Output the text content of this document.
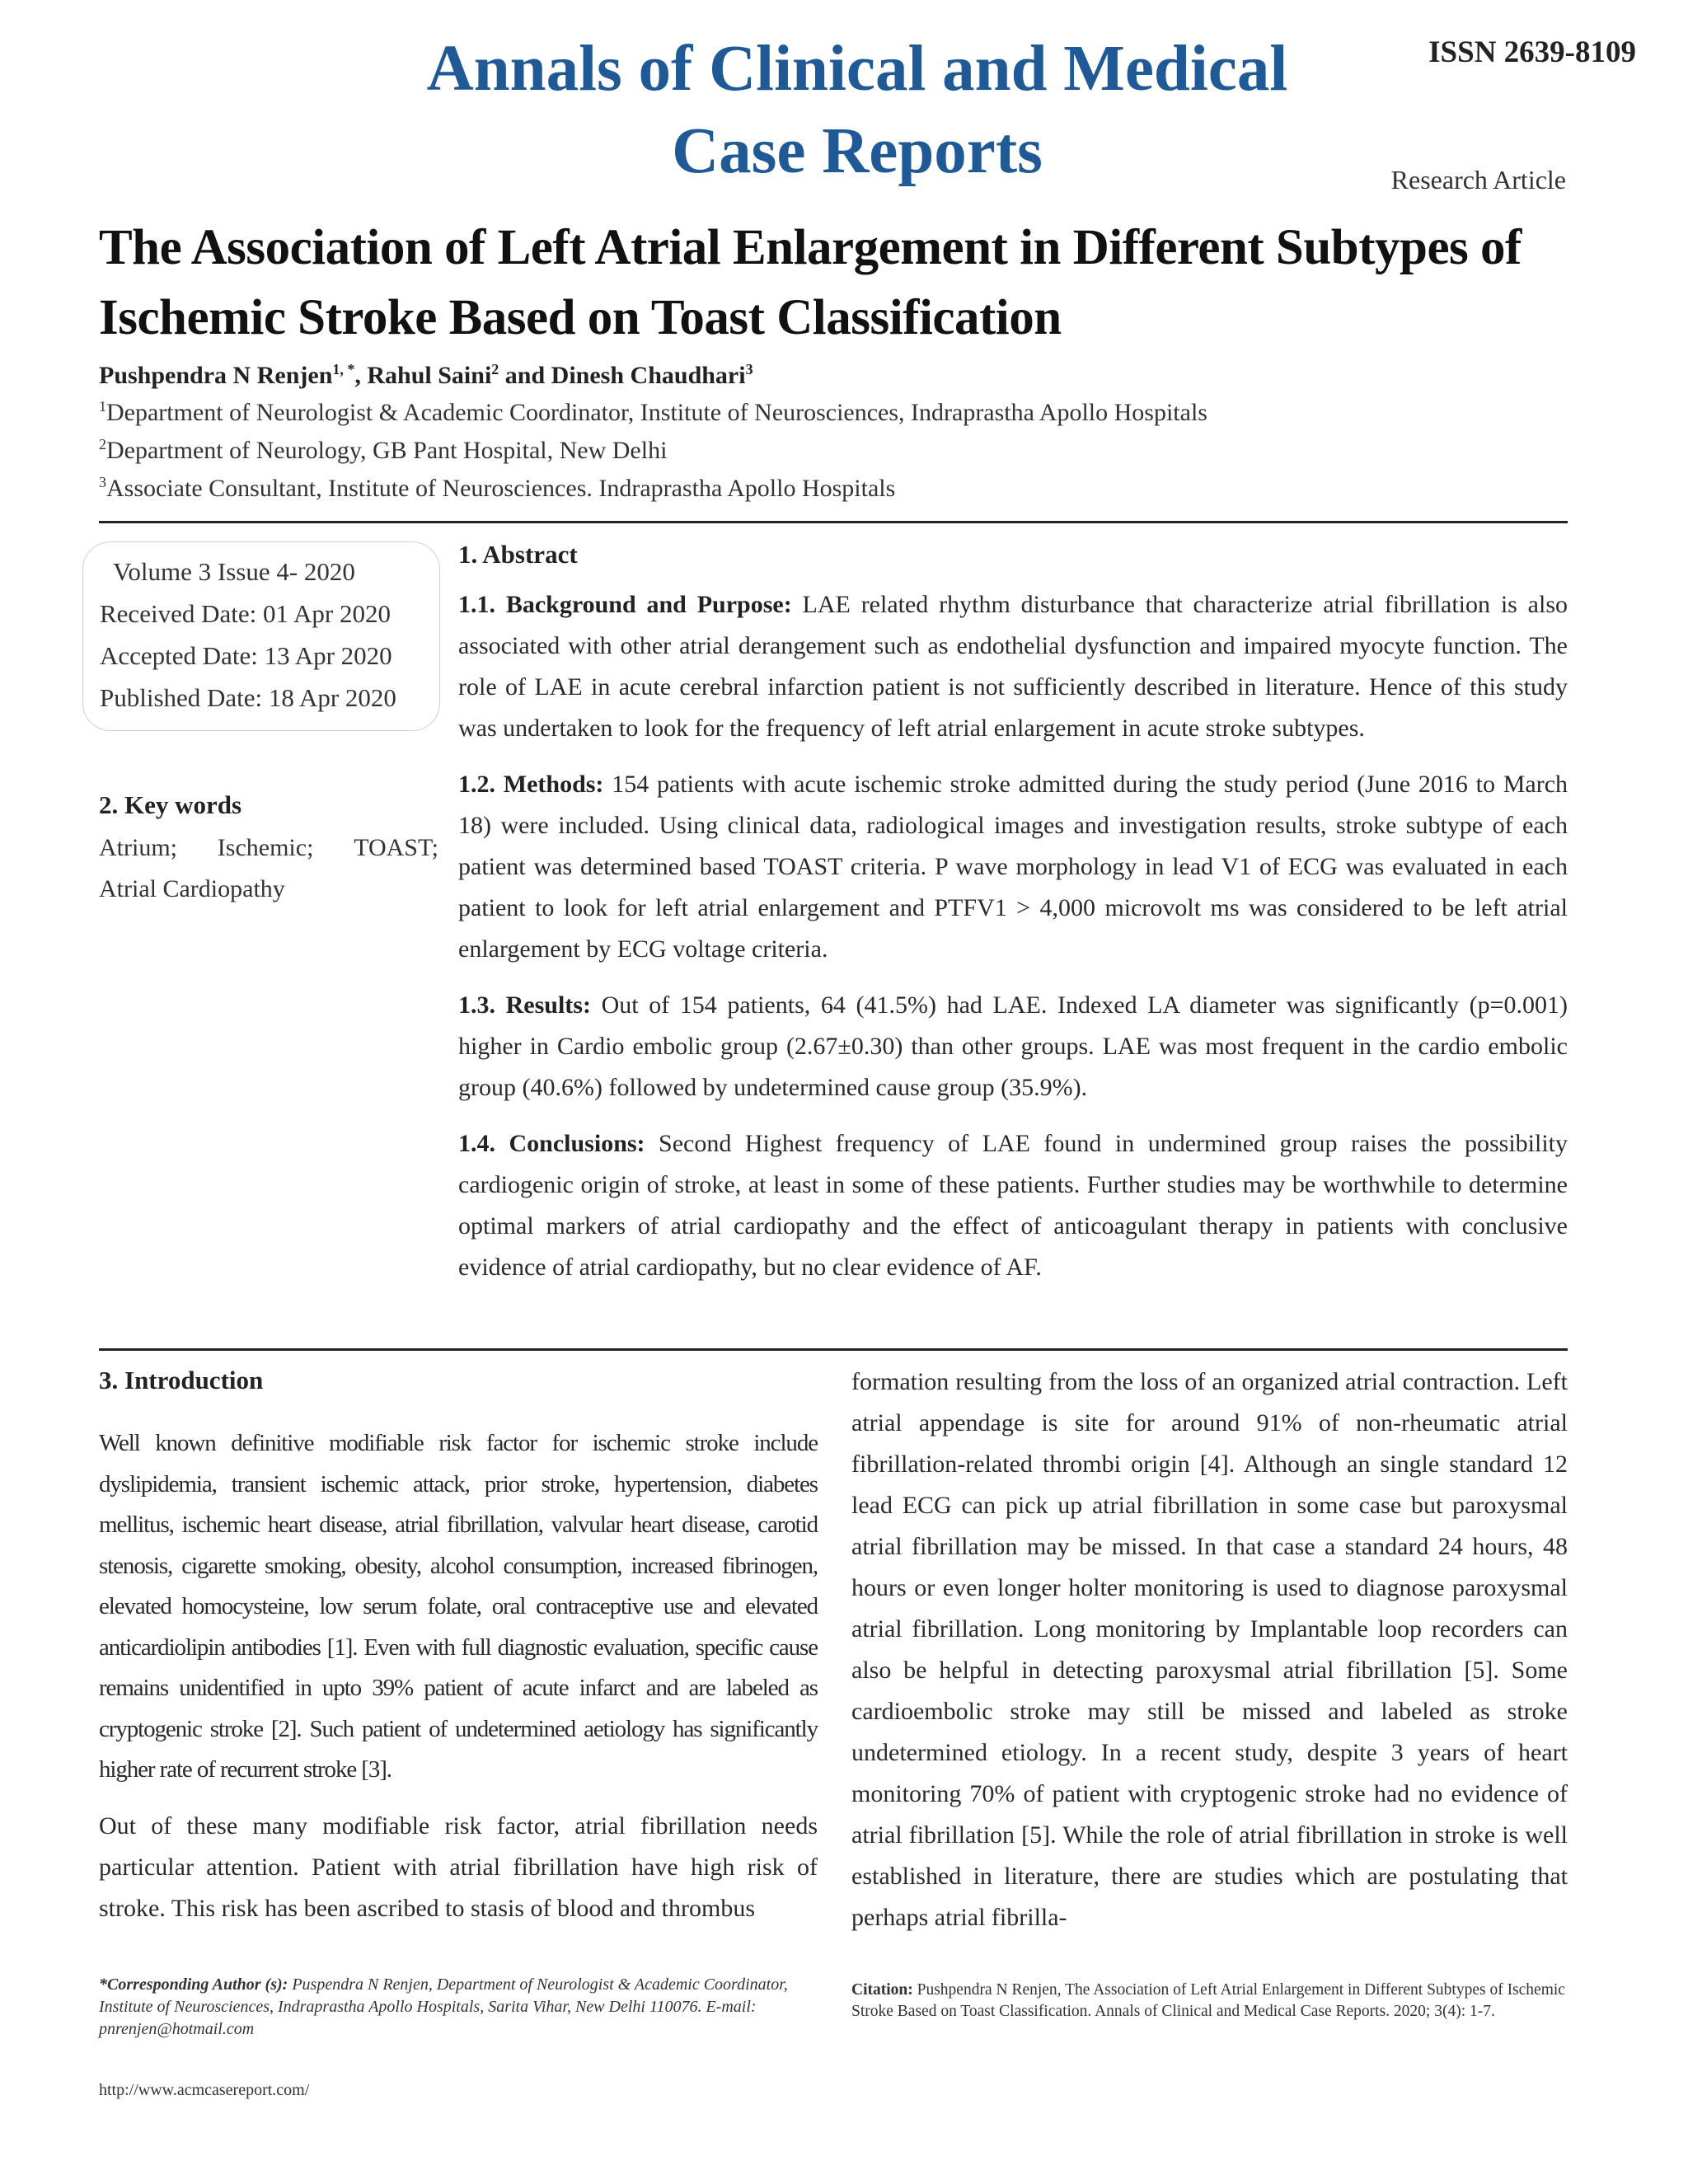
Annals of Clinical and Medical
Case Reports
ISSN 2639-8109
Research Article
The Association of Left Atrial Enlargement in Different Subtypes of
Ischemic Stroke Based on Toast Classification
Pushpendra N Renjen$^{1, *}$, Rahul Saini$^2$ and Dinesh Chaudhari$^3$
$^1$Department of Neurologist & Academic Coordinator, Institute of Neurosciences, Indraprastha Apollo Hospitals
$^2$Department of Neurology, GB Pant Hospital, New Delhi
$^3$Associate Consultant, Institute of Neurosciences. Indraprastha Apollo Hospitals
Volume 3 Issue 4- 2020
Received Date: 01 Apr 2020
Accepted Date: 13 Apr 2020
Published Date: 18 Apr 2020
2. Key words
Atrium; Ischemic; TOAST;
Atrial Cardiopathy
1. Abstract

1.1. Background and Purpose: LAE related rhythm disturbance that characterize atrial fibrillation is also associated with other atrial derangement such as endothelial dysfunction and impaired myocyte function. The role of LAE in acute cerebral infarction patient is not sufficiently described in literature. Hence of this study was undertaken to look for the frequency of left atrial enlargement in acute stroke subtypes.

1.2. Methods: 154 patients with acute ischemic stroke admitted during the study period (June 2016 to March 18) were included. Using clinical data, radiological images and investigation results, stroke subtype of each patient was determined based TOAST criteria. P wave morphology in lead V1 of ECG was evaluated in each patient to look for left atrial enlargement and PTFV1 > 4,000 microvolt ms was considered to be left atrial enlargement by ECG voltage criteria.

1.3. Results: Out of 154 patients, 64 (41.5%) had LAE. Indexed LA diameter was significantly (p=0.001) higher in Cardio embolic group (2.67±0.30) than other groups. LAE was most frequent in the cardio embolic group (40.6%) followed by undetermined cause group (35.9%).

1.4. Conclusions: Second Highest frequency of LAE found in undermined group raises the possibility cardiogenic origin of stroke, at least in some of these patients. Further studies may be worthwhile to determine optimal markers of atrial cardiopathy and the effect of anticoagulant therapy in patients with conclusive evidence of atrial cardiopathy, but no clear evidence of AF.

3. Introduction

Well known definitive modifiable risk factor for ischemic stroke include dyslipidemia, transient ischemic attack, prior stroke, hypertension, diabetes mellitus, ischemic heart disease, atrial fibrillation, valvular heart disease, carotid stenosis, cigarette smoking, obesity, alcohol consumption, increased fibrinogen, elevated homocysteine, low serum folate, oral contraceptive use and elevated anticardiolipin antibodies [1]. Even with full diagnostic evaluation, specific cause remains unidentified in upto 39% patient of acute infarct and are labeled as cryptogenic stroke [2]. Such patient of undetermined aetiology has significantly higher rate of recurrent stroke [3].

Out of these many modifiable risk factor, atrial fibrillation needs particular attention. Patient with atrial fibrillation have high risk of stroke. This risk has been ascribed to stasis of blood and thrombus

formation resulting from the loss of an organized atrial contraction. Left atrial appendage is site for around 91% of non-rheumatic atrial fibrillation-related thrombi origin [4]. Although an single standard 12 lead ECG can pick up atrial fibrillation in some case but paroxysmal atrial fibrillation may be missed. In that case a standard 24 hours, 48 hours or even longer holter monitoring is used to diagnose paroxysmal atrial fibrillation. Long monitoring by Implantable loop recorders can also be helpful in detecting paroxysmal atrial fibrillation [5]. Some cardioembolic stroke may still be missed and labeled as stroke undetermined etiology. In a recent study, despite 3 years of heart monitoring 70% of patient with cryptogenic stroke had no evidence of atrial fibrillation [5]. While the role of atrial fibrillation in stroke is well established in literature, there are studies which are postulating that perhaps atrial fibrilla-

*Corresponding Author (s): Puspendra N Renjen, Department of Neurologist & Academic Coordinator, Institute of Neurosciences, Indraprastha Apollo Hospitals, Sarita Vihar, New Delhi 110076. E-mail: pnrenjen@hotmail.com
Citation: Pushpendra N Renjen, The Association of Left Atrial Enlargement in Different Subtypes of Ischemic Stroke Based on Toast Classification. Annals of Clinical and Medical Case Reports. 2020; 3(4): 1-7.
http://www.acmcasereport.com/
